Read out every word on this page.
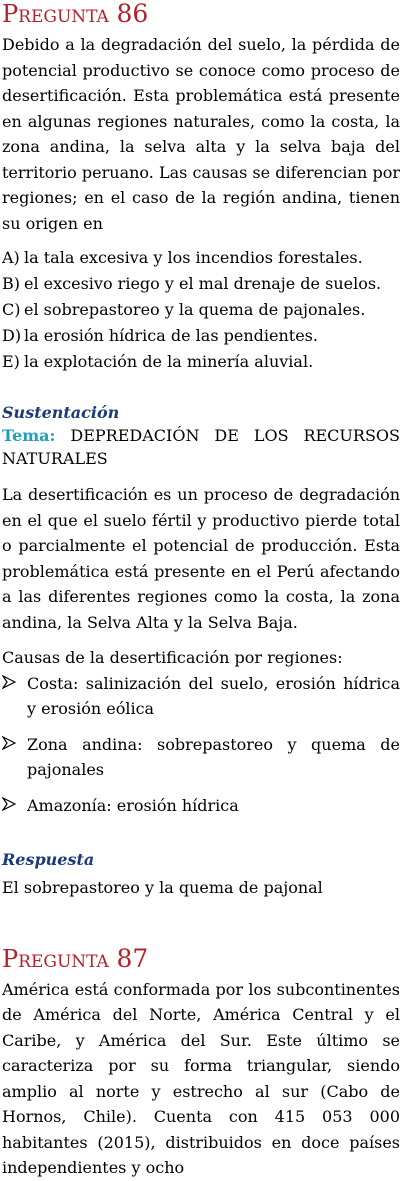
Pregunta 86

Debido a la degradación del suelo, la pérdida de potencial productivo se conoce como proceso de desertificación. Esta problemática está presente en algunas regiones naturales, como la costa, la zona andina, la selva alta y la selva baja del territorio peruano. Las causas se diferencian por regiones; en el caso de la región andina, tienen su origen en

A) la tala excesiva y los incendios forestales.
B) el excesivo riego y el mal drenaje de suelos.
C) el sobrepastoreo y la quema de pajonales.
D) la erosión hídrica de las pendientes.
E) la explotación de la minería aluvial.

Sustentación

Tema: DEPREDACIÓN DE LOS RECURSOS NATURALES

La desertificación es un proceso de degradación en el que el suelo fértil y productivo pierde total o parcialmente el potencial de producción. Esta problemática está presente en el Perú afectando a las diferentes regiones como la costa, la zona andina, la Selva Alta y la Selva Baja.

Causas de la desertificación por regiones:

Costa: salinización del suelo, erosión hídrica y erosión eólica
Zona andina: sobrepastoreo y quema de pajonales
Amazonía: erosión hídrica

Respuesta

El sobrepastoreo y la quema de pajonal

Pregunta 87

América está conformada por los subcontinentes de América del Norte, América Central y el Caribe, y América del Sur. Este último se caracteriza por su forma triangular, siendo amplio al norte y estrecho al sur (Cabo de Hornos, Chile). Cuenta con 415 053 000 habitantes (2015), distribuidos en doce países independientes y ocho
